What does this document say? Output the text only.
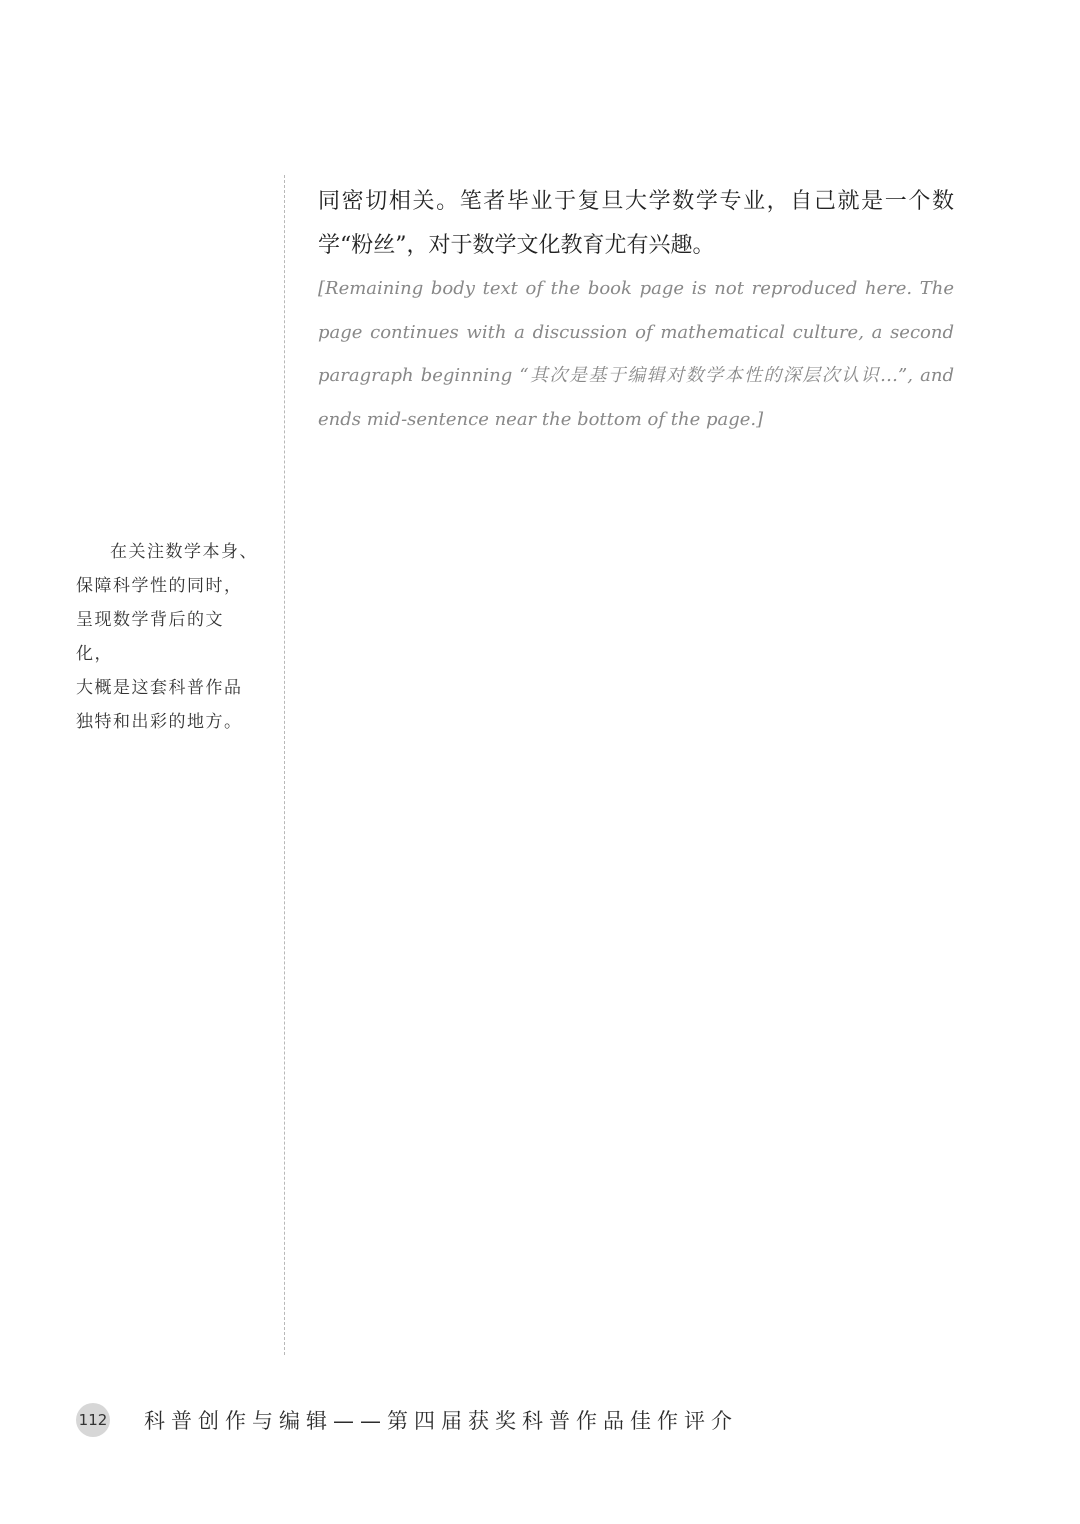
在关注数学本身、
保障科学性的同时，
呈现数学背后的文化，
大概是这套科普作品
独特和出彩的地方。

同密切相关。笔者毕业于复旦大学数学专业，自己就是一个数学“粉丝”，对于数学文化教育尤有兴趣。

[Remaining body text of the book page is not reproduced here. The page continues with a discussion of mathematical culture, a second paragraph beginning “其次是基于编辑对数学本性的深层次认识…”, and ends mid-sentence near the bottom of the page.]

112 科普创作与编辑——第四届获奖科普作品佳作评介
